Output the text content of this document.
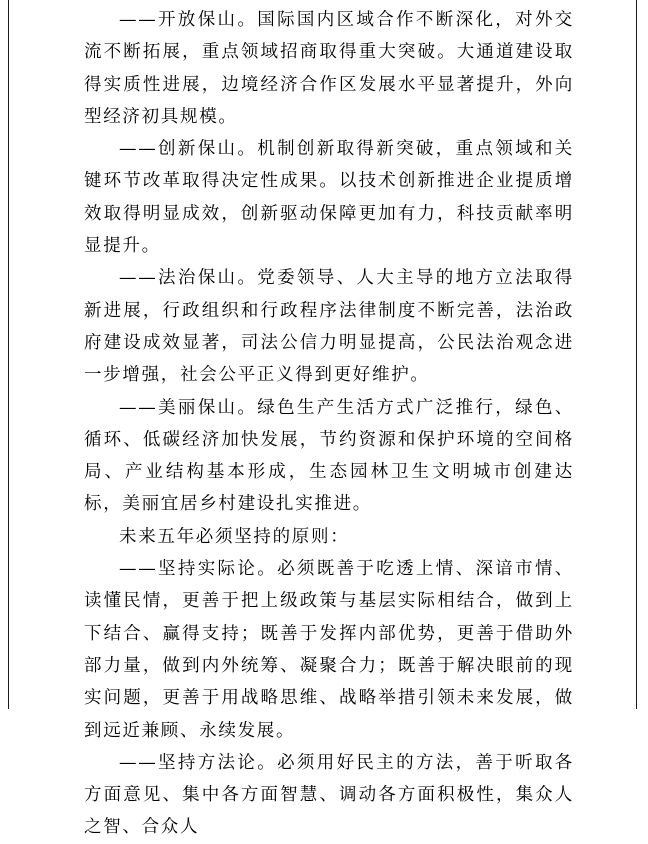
——开放保山。国际国内区域合作不断深化，对外交流不断拓展，重点领域招商取得重大突破。大通道建设取得实质性进展，边境经济合作区发展水平显著提升，外向型经济初具规模。

——创新保山。机制创新取得新突破，重点领域和关键环节改革取得决定性成果。以技术创新推进企业提质增效取得明显成效，创新驱动保障更加有力，科技贡献率明显提升。

——法治保山。党委领导、人大主导的地方立法取得新进展，行政组织和行政程序法律制度不断完善，法治政府建设成效显著，司法公信力明显提高，公民法治观念进一步增强，社会公平正义得到更好维护。

——美丽保山。绿色生产生活方式广泛推行，绿色、循环、低碳经济加快发展，节约资源和保护环境的空间格局、产业结构基本形成，生态园林卫生文明城市创建达标，美丽宜居乡村建设扎实推进。

未来五年必须坚持的原则：

——坚持实际论。必须既善于吃透上情、深谙市情、读懂民情，更善于把上级政策与基层实际相结合，做到上下结合、赢得支持；既善于发挥内部优势，更善于借助外部力量，做到内外统筹、凝聚合力；既善于解决眼前的现实问题，更善于用战略思维、战略举措引领未来发展，做到远近兼顾、永续发展。

——坚持方法论。必须用好民主的方法，善于听取各方面意见、集中各方面智慧、调动各方面积极性，集众人之智、合众人
